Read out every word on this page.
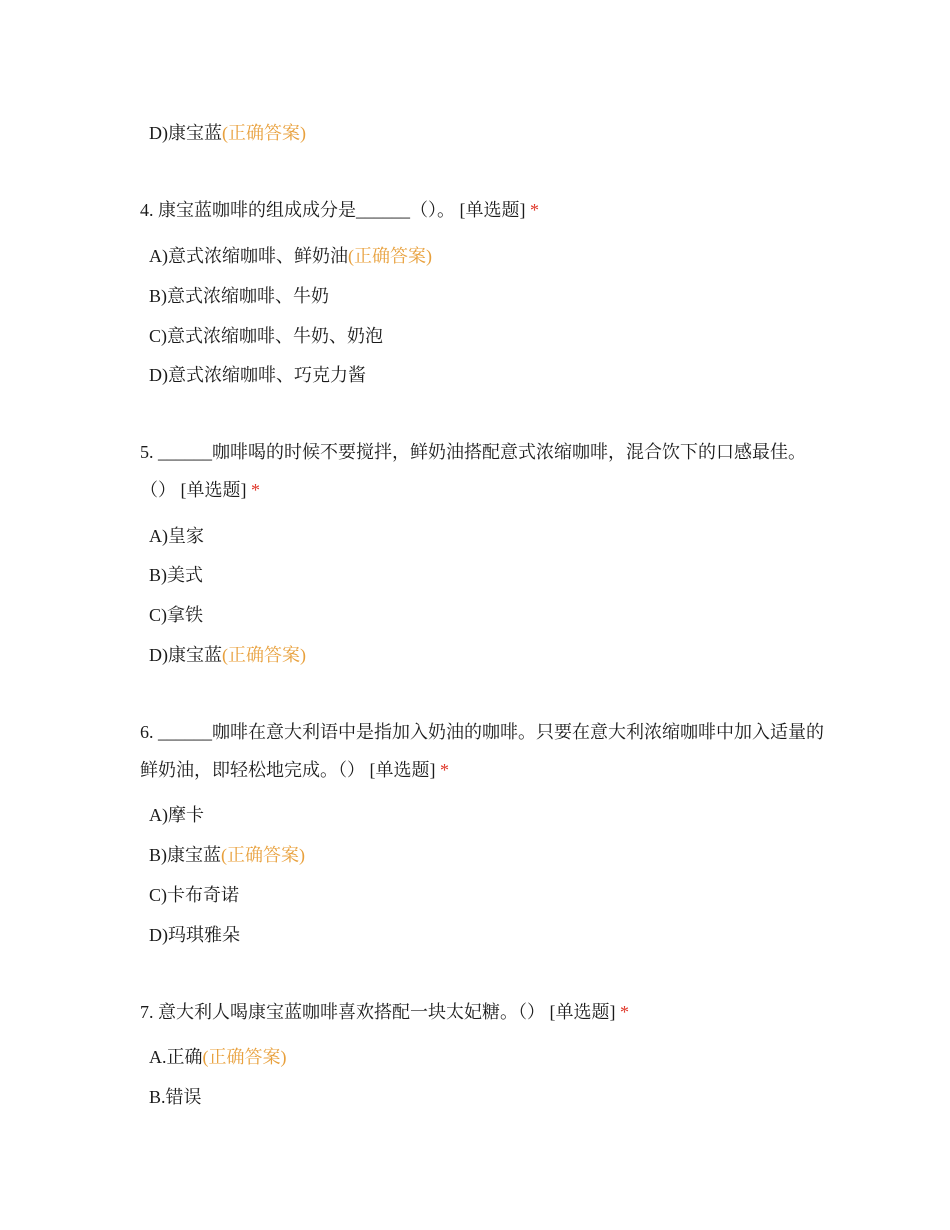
D)康宝蓝(正确答案)
4. 康宝蓝咖啡的组成成分是______（）。 [单选题] *
A)意式浓缩咖啡、鲜奶油(正确答案)
B)意式浓缩咖啡、牛奶
C)意式浓缩咖啡、牛奶、奶泡
D)意式浓缩咖啡、巧克力酱
5. ______咖啡喝的时候不要搅拌，鲜奶油搭配意式浓缩咖啡，混合饮下的口感最佳。（） [单选题] *
A)皇家
B)美式
C)拿铁
D)康宝蓝(正确答案)
6. ______咖啡在意大利语中是指加入奶油的咖啡。只要在意大利浓缩咖啡中加入适量的鲜奶油，即轻松地完成。（） [单选题] *
A)摩卡
B)康宝蓝(正确答案)
C)卡布奇诺
D)玛琪雅朵
7. 意大利人喝康宝蓝咖啡喜欢搭配一块太妃糖。（） [单选题] *
A.正确(正确答案)
B.错误
